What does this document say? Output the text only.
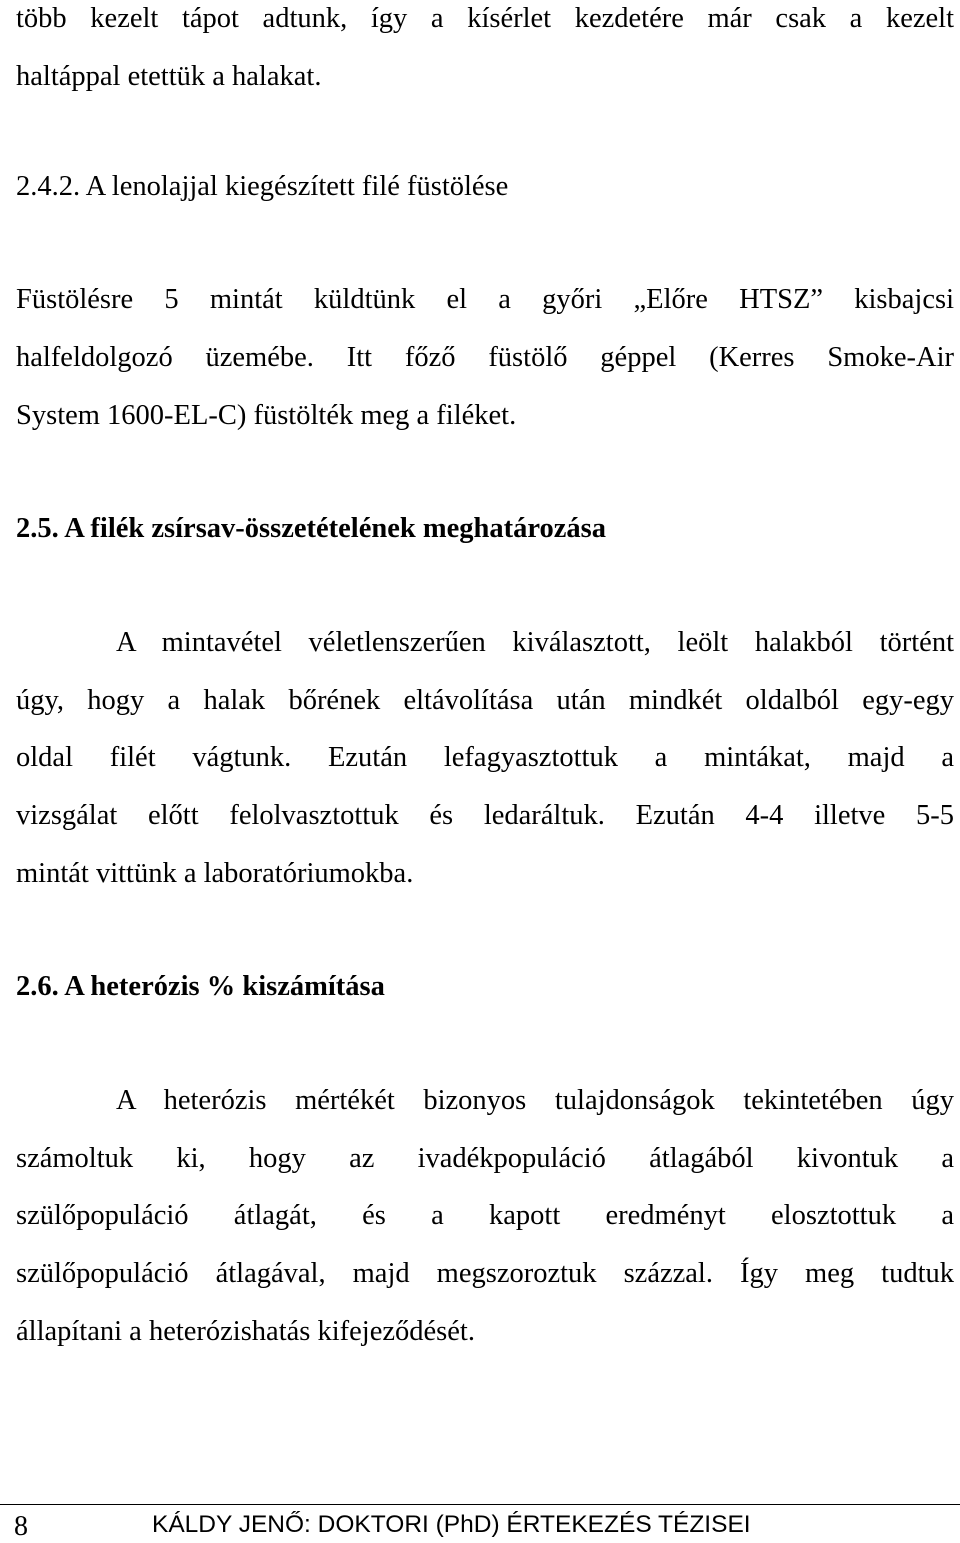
több kezelt tápot adtunk, így a kísérlet kezdetére már csak a kezelt
haltáppal etettük a halakat.
2.4.2. A lenolajjal kiegészített filé füstölése
Füstölésre 5 mintát küldtünk el a győri „Előre HTSZ” kisbajcsi
halfeldolgozó üzemébe. Itt főző füstölő géppel (Kerres Smoke-Air
System 1600-EL-C) füstölték meg a filéket.
2.5. A filék zsírsav-összetételének meghatározása
A mintavétel véletlenszerűen kiválasztott, leölt halakból történt
úgy, hogy a halak bőrének eltávolítása után mindkét oldalból egy-egy
oldal filét vágtunk. Ezután lefagyasztottuk a mintákat, majd a
vizsgálat előtt felolvasztottuk és ledaráltuk. Ezután 4-4 illetve 5-5
mintát vittünk a laboratóriumokba.
2.6. A heterózis % kiszámítása
A heterózis mértékét bizonyos tulajdonságok tekintetében úgy
számoltuk ki, hogy az ivadékpopuláció átlagából kivontuk a
szülőpopuláció átlagát, és a kapott eredményt elosztottuk a
szülőpopuláció átlagával, majd megszoroztuk százzal. Így meg tudtuk
állapítani a heterózishatás kifejeződését.
8	KÁLDY JENŐ: DOKTORI (PhD) ÉRTEKEZÉS TÉZISEI
